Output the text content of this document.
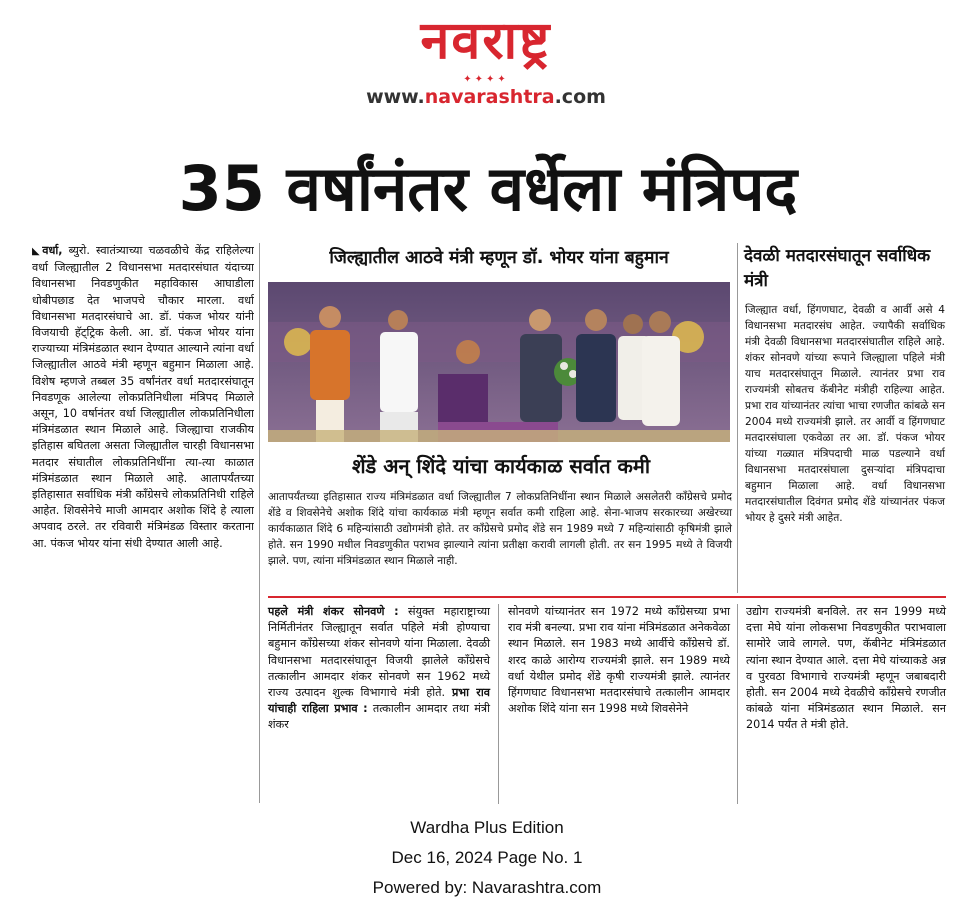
नवराष्ट्र
✦✦✦✦
www.navarashtra.com
35 वर्षांनंतर वर्धेला मंत्रिपद
◣ वर्धा, ब्युरो. स्वातंत्र्याच्या चळवळीचे केंद्र राहिलेल्या वर्धा जिल्ह्यातील 2 विधानसभा मतदारसंघात यंदाच्या विधानसभा निवडणुकीत महाविकास आघाडीला धोबीपछाड देत भाजपचे चौकार मारला. वर्धा विधानसभा मतदारसंघाचे आ. डॉ. पंकज भोयर यांनी विजयाची हॅट्ट्रिक केली. आ. डॉ. पंकज भोयर यांना राज्याच्या मंत्रिमंडळात स्थान देण्यात आल्याने त्यांना वर्धा जिल्ह्यातील आठवे मंत्री म्हणून बहुमान मिळाला आहे. विशेष म्हणजे तब्बल 35 वर्षांनंतर वर्धा मतदारसंघातून निवडणूक आलेल्या लोकप्रतिनिधीला मंत्रिपद मिळाले असून, 10 वर्षानंतर वर्धा जिल्ह्यातील लोकप्रतिनिधीला मंत्रिमंडळात स्थान मिळाले आहे. जिल्ह्याचा राजकीय इतिहास बघितला असता जिल्ह्यातील चारही विधानसभा मतदार संघातील लोकप्रतिनिधींना त्या-त्या काळात मंत्रिमंडळात स्थान मिळाले आहे. आतापर्यंतच्या इतिहासात सर्वाधिक मंत्री काँग्रेसचे लोकप्रतिनिधी राहिले आहेत. शिवसेनेचे माजी आमदार अशोक शिंदे हे त्याला अपवाद ठरले. तर रविवारी मंत्रिमंडळ विस्तार करताना आ. पंकज भोयर यांना संधी देण्यात आली आहे.
जिल्ह्यातील आठवे मंत्री म्हणून डॉ. भोयर यांना बहुमान
शेंडे अन् शिंदे यांचा कार्यकाळ सर्वात कमी
आतापर्यंतच्या इतिहासात राज्य मंत्रिमंडळात वर्धा जिल्ह्यातील 7 लोकप्रतिनिधींना स्थान मिळाले असलेतरी काँग्रेसचे प्रमोद शेंडे व शिवसेनेचे अशोक शिंदे यांचा कार्यकाळ मंत्री म्हणून सर्वात कमी राहिला आहे. सेना-भाजप सरकारच्या अखेरच्या कार्यकाळात शिंदे 6 महिन्यांसाठी उद्योगमंत्री होते. तर काँग्रेसचे प्रमोद शेंडे सन 1989 मध्ये 7 महिन्यांसाठी कृषिमंत्री झाले होते. सन 1990 मधील निवडणुकीत पराभव झाल्याने त्यांना प्रतीक्षा करावी लागली होती. तर सन 1995 मध्ये ते विजयी झाले. पण, त्यांना मंत्रिमंडळात स्थान मिळाले नाही.
देवळी मतदारसंघातून सर्वाधिक मंत्री
जिल्ह्यात वर्धा, हिंगणघाट, देवळी व आर्वी असे 4 विधानसभा मतदारसंघ आहेत. ज्यापैकी सर्वाधिक मंत्री देवळी विधानसभा मतदारसंघातील राहिले आहे. शंकर सोनवणे यांच्या रूपाने जिल्ह्याला पहिले मंत्री याच मतदारसंघातून मिळाले. त्यानंतर प्रभा राव राज्यमंत्री सोबतच कॅबीनेट मंत्रीही राहिल्या आहेत. प्रभा राव यांच्यानंतर त्यांचा भाचा रणजीत कांबळे सन 2004 मध्ये राज्यमंत्री झाले. तर आर्वी व हिंगणघाट मतदारसंघाला एकवेळा तर आ. डॉ. पंकज भोयर यांच्या गळ्यात मंत्रिपदाची माळ पडल्याने वर्धा विधानसभा मतदारसंघाला दुसऱ्यांदा मंत्रिपदाचा बहुमान मिळाला आहे. वर्धा विधानसभा मतदारसंघातील दिवंगत प्रमोद शेंडे यांच्यानंतर पंकज भोयर हे दुसरे मंत्री आहेत.
पहले मंत्री शंकर सोनवणे : संयुक्त महाराष्ट्राच्या निर्मितीनंतर जिल्ह्यातून सर्वात पहिले मंत्री होण्याचा बहुमान काँग्रेसच्या शंकर सोनवणे यांना मिळाला. देवळी विधानसभा मतदारसंघातून विजयी झालेले काँग्रेसचे तत्कालीन आमदार शंकर सोनवणे सन 1962 मध्ये राज्य उत्पादन शुल्क विभागाचे मंत्री होते. प्रभा राव यांचाही राहिला प्रभाव : तत्कालीन आमदार तथा मंत्री शंकर
सोनवणे यांच्यानंतर सन 1972 मध्ये काँग्रेसच्या प्रभा राव मंत्री बनल्या. प्रभा राव यांना मंत्रिमंडळात अनेकवेळा स्थान मिळाले. सन 1983 मध्ये आर्वीचे काँग्रेसचे डॉ. शरद काळे आरोग्य राज्यमंत्री झाले. सन 1989 मध्ये वर्धा येथील प्रमोद शेंडे कृषी राज्यमंत्री झाले. त्यानंतर हिंगणघाट विधानसभा मतदारसंघाचे तत्कालीन आमदार अशोक शिंदे यांना सन 1998 मध्ये शिवसेनेने
उद्योग राज्यमंत्री बनविले. तर सन 1999 मध्ये दत्ता मेघे यांना लोकसभा निवडणुकीत पराभवाला सामोरे जावे लागले. पण, कॅबीनेट मंत्रिमंडळात त्यांना स्थान देण्यात आले. दत्ता मेघे यांच्याकडे अन्न व पुरवठा विभागाचे राज्यमंत्री म्हणून जबाबदारी होती. सन 2004 मध्ये देवळीचे काँग्रेसचे रणजीत कांबळे यांना मंत्रिमंडळात स्थान मिळाले. सन 2014 पर्यंत ते मंत्री होते.
Wardha Plus Edition
Dec 16, 2024 Page No. 1
Powered by: Navarashtra.com
